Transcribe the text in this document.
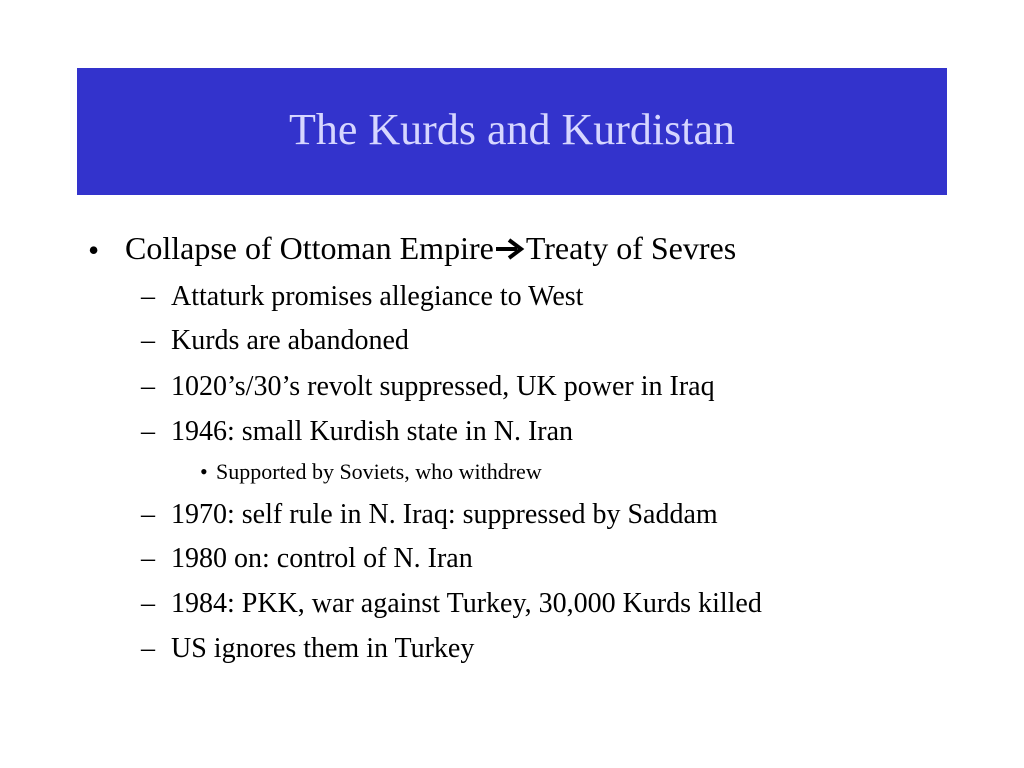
The Kurds and Kurdistan
• Collapse of Ottoman Empire Treaty of Sevres
– Attaturk promises allegiance to West
– Kurds are abandoned
– 1020’s/30’s revolt suppressed, UK power in Iraq
– 1946: small Kurdish state in N. Iran
• Supported by Soviets, who withdrew
– 1970: self rule in N. Iraq: suppressed by Saddam
– 1980 on: control of N. Iran
– 1984: PKK, war against Turkey, 30,000 Kurds killed
– US ignores them in Turkey
